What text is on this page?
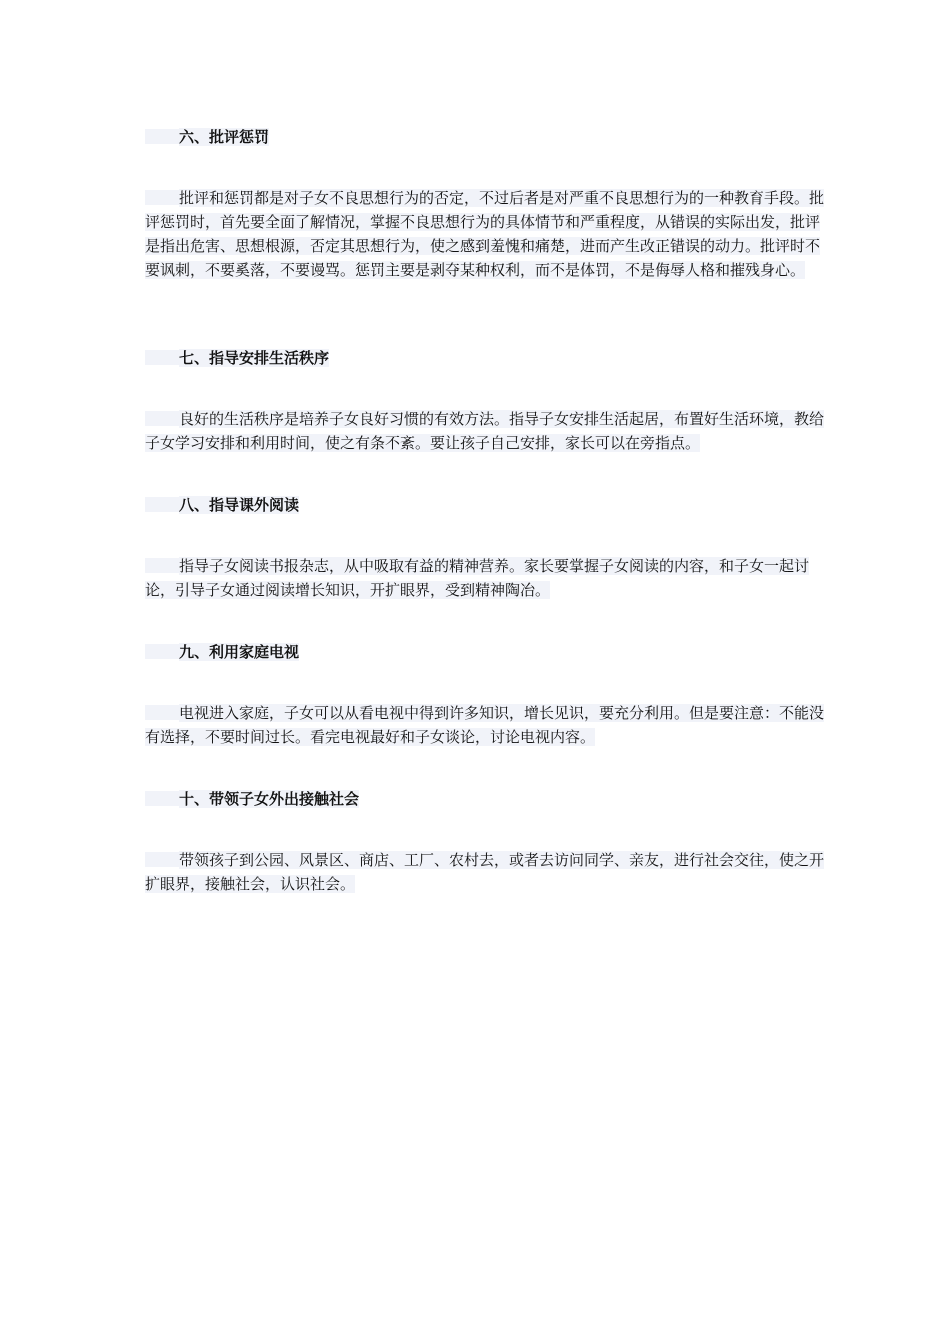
六、批评惩罚
批评和惩罚都是对子女不良思想行为的否定，不过后者是对严重不良思想行为的一种教育手段。批评惩罚时，首先要全面了解情况，掌握不良思想行为的具体情节和严重程度，从错误的实际出发，批评是指出危害、思想根源，否定其思想行为，使之感到羞愧和痛楚，进而产生改正错误的动力。批评时不要讽刺，不要奚落，不要谩骂。惩罚主要是剥夺某种权利，而不是体罚，不是侮辱人格和摧残身心。
七、指导安排生活秩序
良好的生活秩序是培养子女良好习惯的有效方法。指导子女安排生活起居，布置好生活环境，教给子女学习安排和利用时间，使之有条不紊。要让孩子自己安排，家长可以在旁指点。
八、指导课外阅读
指导子女阅读书报杂志，从中吸取有益的精神营养。家长要掌握子女阅读的内容，和子女一起讨论，引导子女通过阅读增长知识，开扩眼界，受到精神陶冶。
九、利用家庭电视
电视进入家庭，子女可以从看电视中得到许多知识，增长见识，要充分利用。但是要注意：不能没有选择，不要时间过长。看完电视最好和子女谈论，讨论电视内容。
十、带领子女外出接触社会
带领孩子到公园、风景区、商店、工厂、农村去，或者去访问同学、亲友，进行社会交往，使之开扩眼界，接触社会，认识社会。
